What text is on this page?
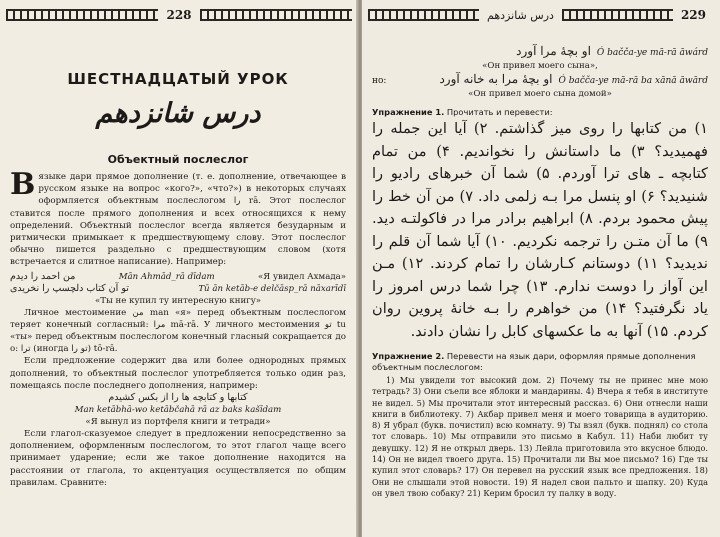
228
ШЕСТНАДЦАТЫЙ УРОК
درس شانزدهم
Объектный послеслог

Вязыке дари прямое дополнение (т. е. дополнение, отвечающее в русском языке на вопрос «кого?», «что?») в некоторых случаях оформляется объектным послеслогом را rā. Этот послеслог ставится после прямого дополнения и всех относящихся к нему определений. Объектный послеслог всегда является безударным и ритмически примыкает к предшествующему слову. Этот послеслог обычно пишется раздельно с предшествующим словом (хотя встречается и слитное написание). Например:

من احمد را دیدم	Mān Ahmād_rā dīdam	«Я увидел Ахмада»
تو آن کتاب دلچسپ را نخریدی	Tū ān ketāb-e delčāsp_rā nāxarīdī

«Ты не купил ту интересную книгу»

Личное местоимение من man «я» перед объектным послеслогом теряет конечный согласный: مرا mā-rā. У личного местоимения تو tu «ты» перед объектным послеслогом конечный гласный сокращается до o: ترا (иногда تو را) tō-rā.

Если предложение содержит два или более однородных прямых дополнений, то объектный послеслог употребляется только один раз, помещаясь после последнего дополнения, например:

کتابها و کتابچه ها را از بکس کشیدم

Man ketābhā-wo ketābčahā rā az baks kašīdam

«Я вынул из портфеля книги и тетради»

Если глагол-сказуемое следует в предложении непосредственно за дополнением, оформленным послеслогом, то этот глагол чаще всего принимает ударение; если же такое дополнение находится на расстоянии от глагола, то акцентуация осуществляется по общим правилам. Сравните:

درس شانزدهم	229
او بچهٔ مرا آورد Ó bačča-ye mā-rā āwárd

«Он привел моего сына»,

но:	او بچهٔ مرا به خانه آورد Ó bačča-ye mā-rā ba xānā āwārd

«Он привел моего сына домой»

Упражнение 1. Прочитать и перевести:

۱) من کتابها را روی میز گذاشتم. ۲) آیا این جمله را فهمیدید؟ ۳) ما داستانش را نخواندیم. ۴) من تمام کتابچه ـ های ترا آوردم. ۵) شما آن خبرهای رادیو را شنیدید؟ ۶) او پنسل مرا بـه زلمی داد. ۷) من آن خط را پیش محمود بردم. ۸) ابراهیم برادر مرا در فاکولتـه دید. ۹) ما آن متـن را ترجمه نکردیم. ۱۰) آیا شما آن قلم را ندیدید؟ ۱۱) دوستانم کـارشان را تمام کردند. ۱۲) مـن این آواز را دوست ندارم. ۱۳) چرا شما درس امروز را یاد نگرفتید؟ ۱۴) من خواهرم را بـه خانهٔ پروین روان کردم. ۱۵) آنها به ما عکسهای کابل را نشان دادند.

Упражнение 2. Перевести на язык дари, оформляя прямые дополнения объектным послеслогом:

1) Мы увидели тот высокий дом. 2) Почему ты не принес мне мою тетрадь? 3) Они съели все яблоки и мандарины. 4) Вчера я тебя в институте не видел. 5) Мы прочитали этот интересный рассказ. 6) Они отнесли наши книги в библиотеку. 7) Акбар привел меня и моего товарища в аудиторию. 8) Я убрал (букв. почистил) всю комнату. 9) Ты взял (букв. поднял) со стола тот словарь. 10) Мы отправили это письмо в Кабул. 11) Наби любит ту девушку. 12) Я не открыл дверь. 13) Лейла приготовила это вкусное блюдо. 14) Он не видел твоего друга. 15) Прочитали ли Вы мое письмо? 16) Где ты купил этот словарь? 17) Он перевел на русский язык все предложения. 18) Они не слышали этой новости. 19) Я надел свои пальто и шапку. 20) Куда он увел твою собаку? 21) Керим бросил ту палку в воду.
